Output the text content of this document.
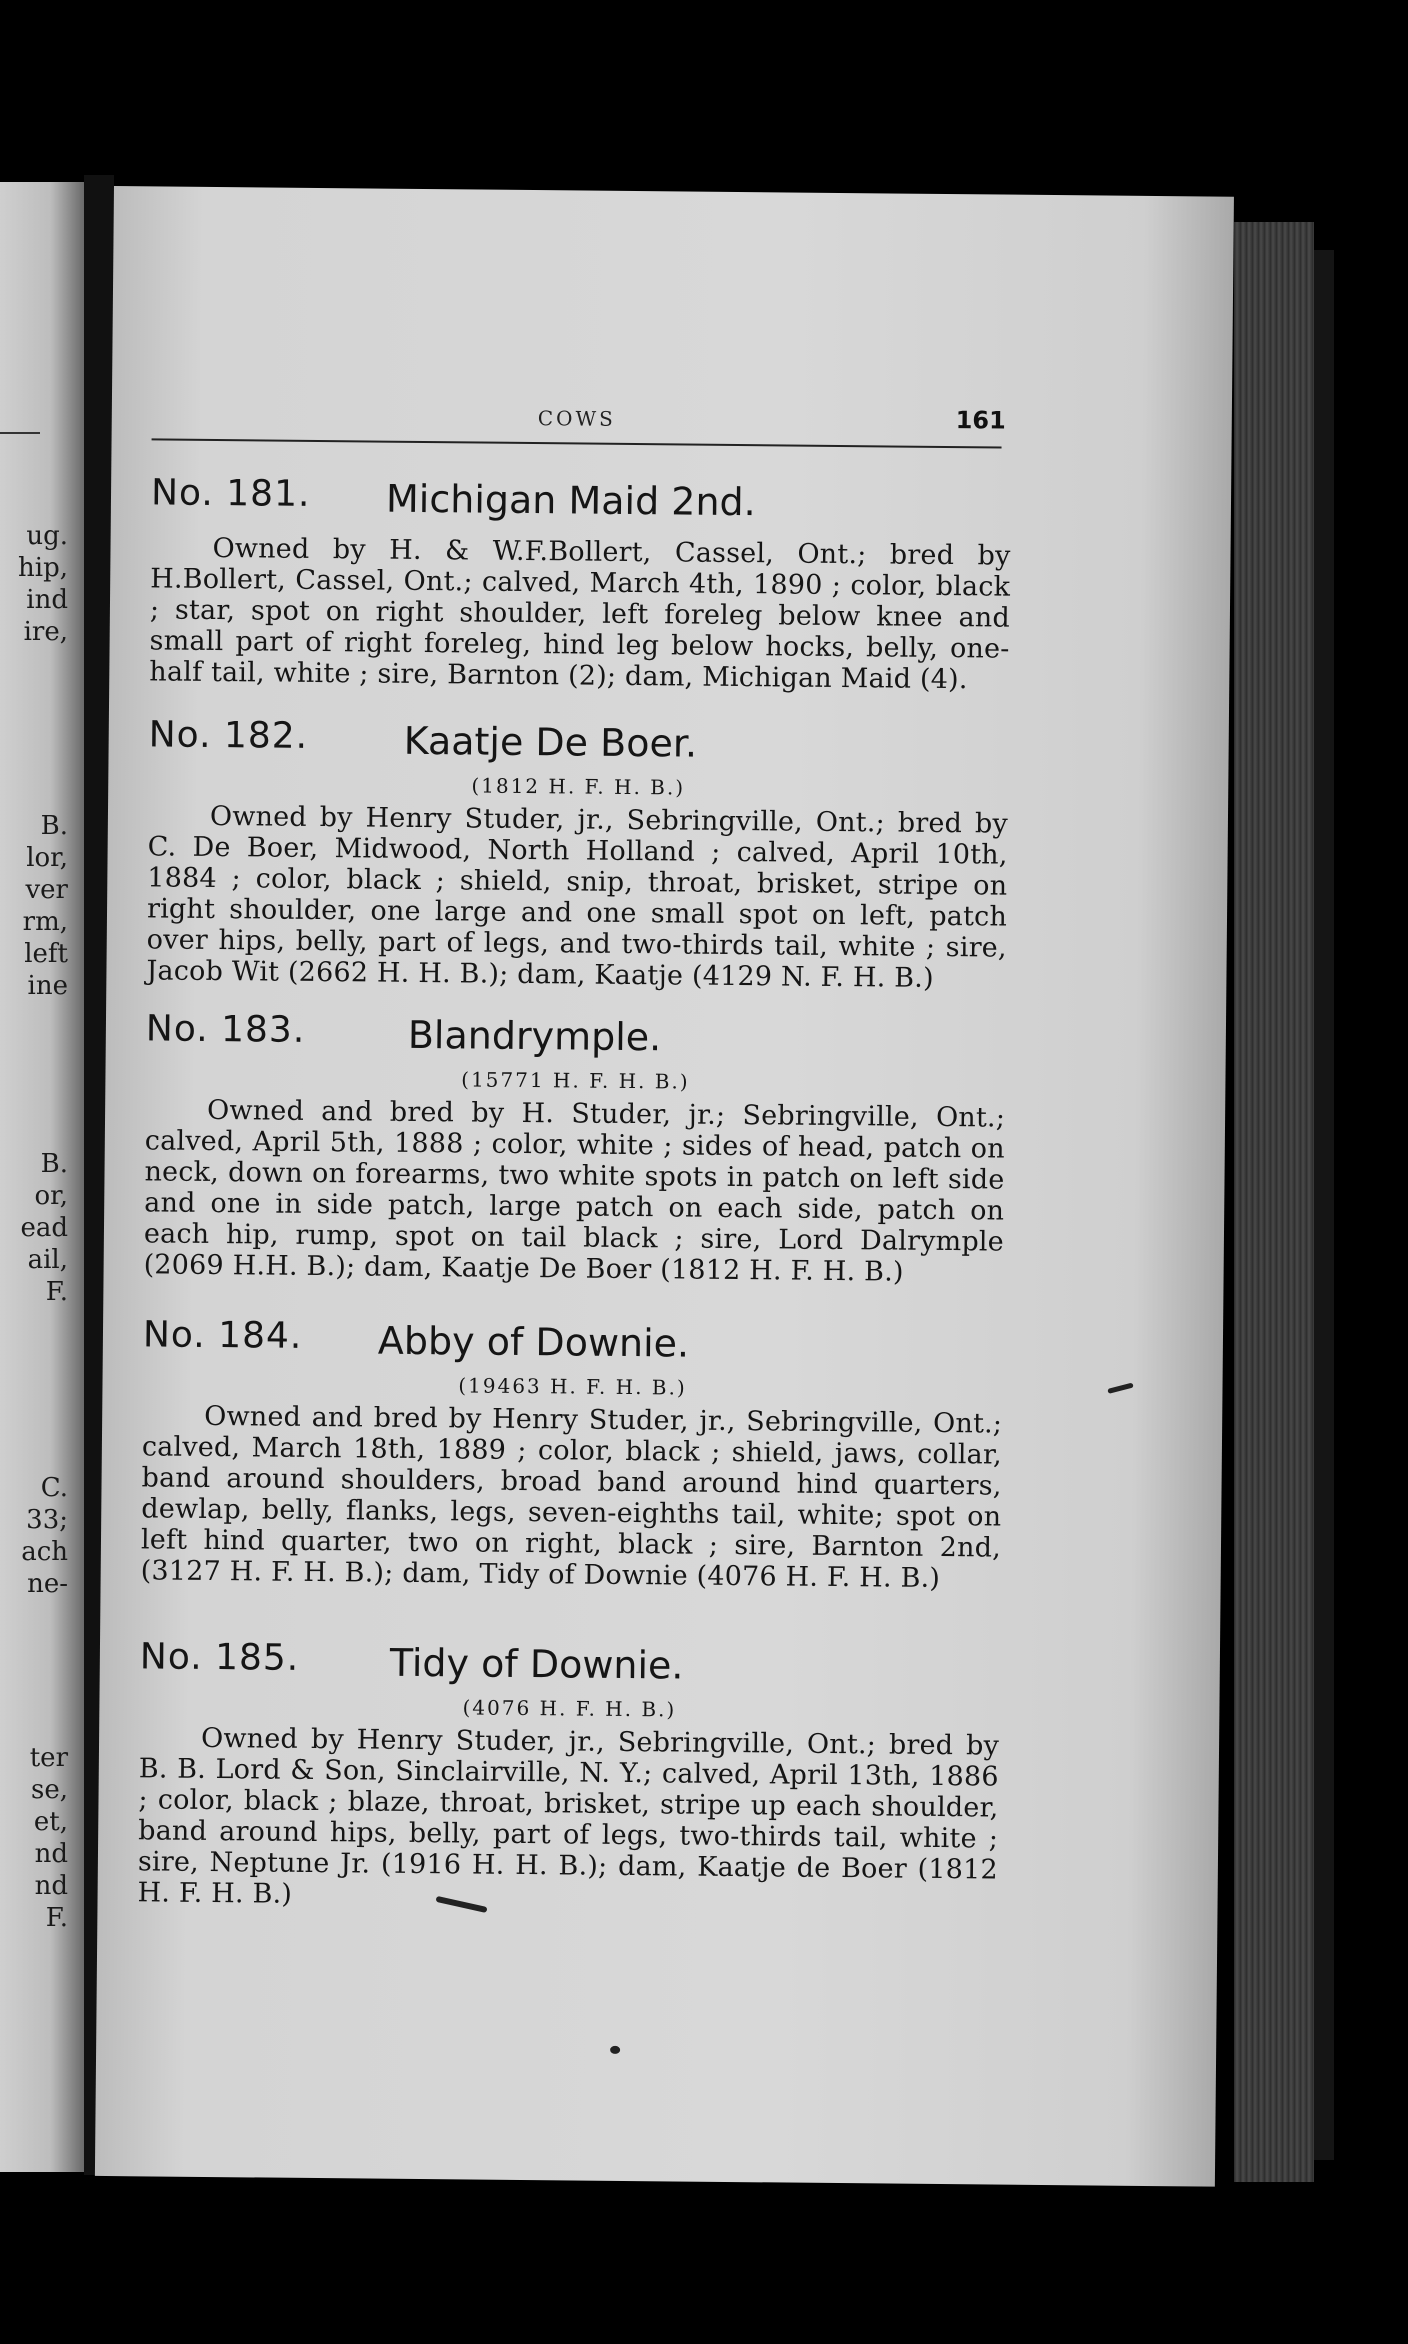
ug.
hip,
ind
ire,
B.
lor,
ver
rm,
left
ine
B.
or,
ead
ail,
F.
C.
33;
ach
ne-
ter
se,
et,
nd
nd
F.
COWS	161
No. 181. Michigan Maid 2nd.

Owned by H. & W.F.Bollert, Cassel, Ont.; bred by H.Bollert, Cassel, Ont.; calved, March 4th, 1890 ; color, black ; star, spot on right shoulder, left foreleg below knee and small part of right foreleg, hind leg below hocks, belly, one-half tail, white ; sire, Barnton (2); dam, Michigan Maid (4).

No. 182.	Kaatje De Boer.
(1812 H. F. H. B.)

Owned by Henry Studer, jr., Sebringville, Ont.; bred by C. De Boer, Midwood, North Holland ; calved, April 10th, 1884 ; color, black ; shield, snip, throat, brisket, stripe on right shoulder, one large and one small spot on left, patch over hips, belly, part of legs, and two-thirds tail, white ; sire, Jacob Wit (2662 H. H. B.); dam, Kaatje (4129 N. F. H. B.)

No. 183.	Blandrymple.
(15771 H. F. H. B.)

Owned and bred by H. Studer, jr.; Sebringville, Ont.; calved, April 5th, 1888 ; color, white ; sides of head, patch on neck, down on forearms, two white spots in patch on left side and one in side patch, large patch on each side, patch on each hip, rump, spot on tail black ; sire, Lord Dalrymple (2069 H.H. B.); dam, Kaatje De Boer (1812 H. F. H. B.)

No. 184. Abby of Downie.
(19463 H. F. H. B.)

Owned and bred by Henry Studer, jr., Sebringville, Ont.; calved, March 18th, 1889 ; color, black ; shield, jaws, collar, band around shoulders, broad band around hind quarters, dewlap, belly, flanks, legs, seven-eighths tail, white; spot on left hind quarter, two on right, black ; sire, Barnton 2nd, (3127 H. F. H. B.); dam, Tidy of Downie (4076 H. F. H. B.)

No. 185. Tidy of Downie.
(4076 H. F. H. B.)

Owned by Henry Studer, jr., Sebringville, Ont.; bred by B. B. Lord & Son, Sinclairville, N. Y.; calved, April 13th, 1886 ; color, black ; blaze, throat, brisket, stripe up each shoulder, band around hips, belly, part of legs, two-thirds tail, white ; sire, Neptune Jr. (1916 H. H. B.); dam, Kaatje de Boer (1812 H. F. H. B.)
